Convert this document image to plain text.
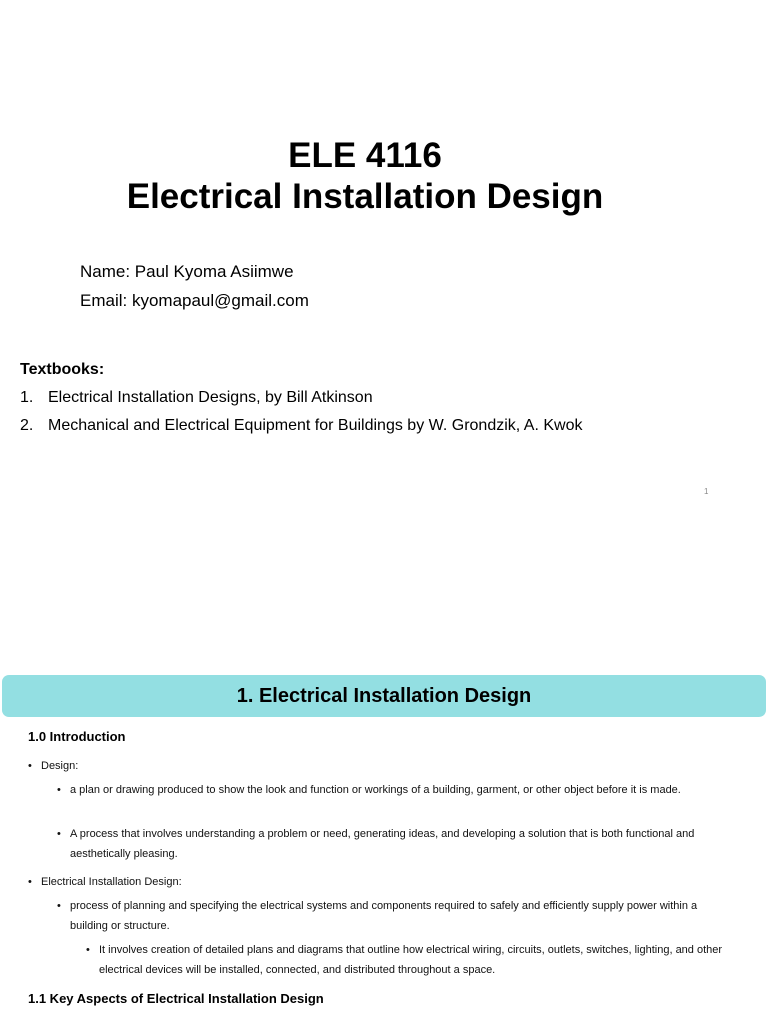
ELE 4116
Electrical Installation Design
Name: Paul Kyoma Asiimwe
Email: kyomapaul@gmail.com
Textbooks:
1. Electrical Installation Designs, by Bill Atkinson
2. Mechanical and Electrical Equipment for Buildings by W. Grondzik, A. Kwok
1
1. Electrical Installation Design
1.0 Introduction
• Design:
• a plan or drawing produced to show the look and function or workings of a building, garment, or other object before it is made.
• A process that involves understanding a problem or need, generating ideas, and developing a solution that is both functional and aesthetically pleasing.
• Electrical Installation Design:
• process of planning and specifying the electrical systems and components required to safely and efficiently supply power within a building or structure.
• It involves creation of detailed plans and diagrams that outline how electrical wiring, circuits, outlets, switches, lighting, and other electrical devices will be installed, connected, and distributed throughout a space.
1.1 Key Aspects of Electrical Installation Design
